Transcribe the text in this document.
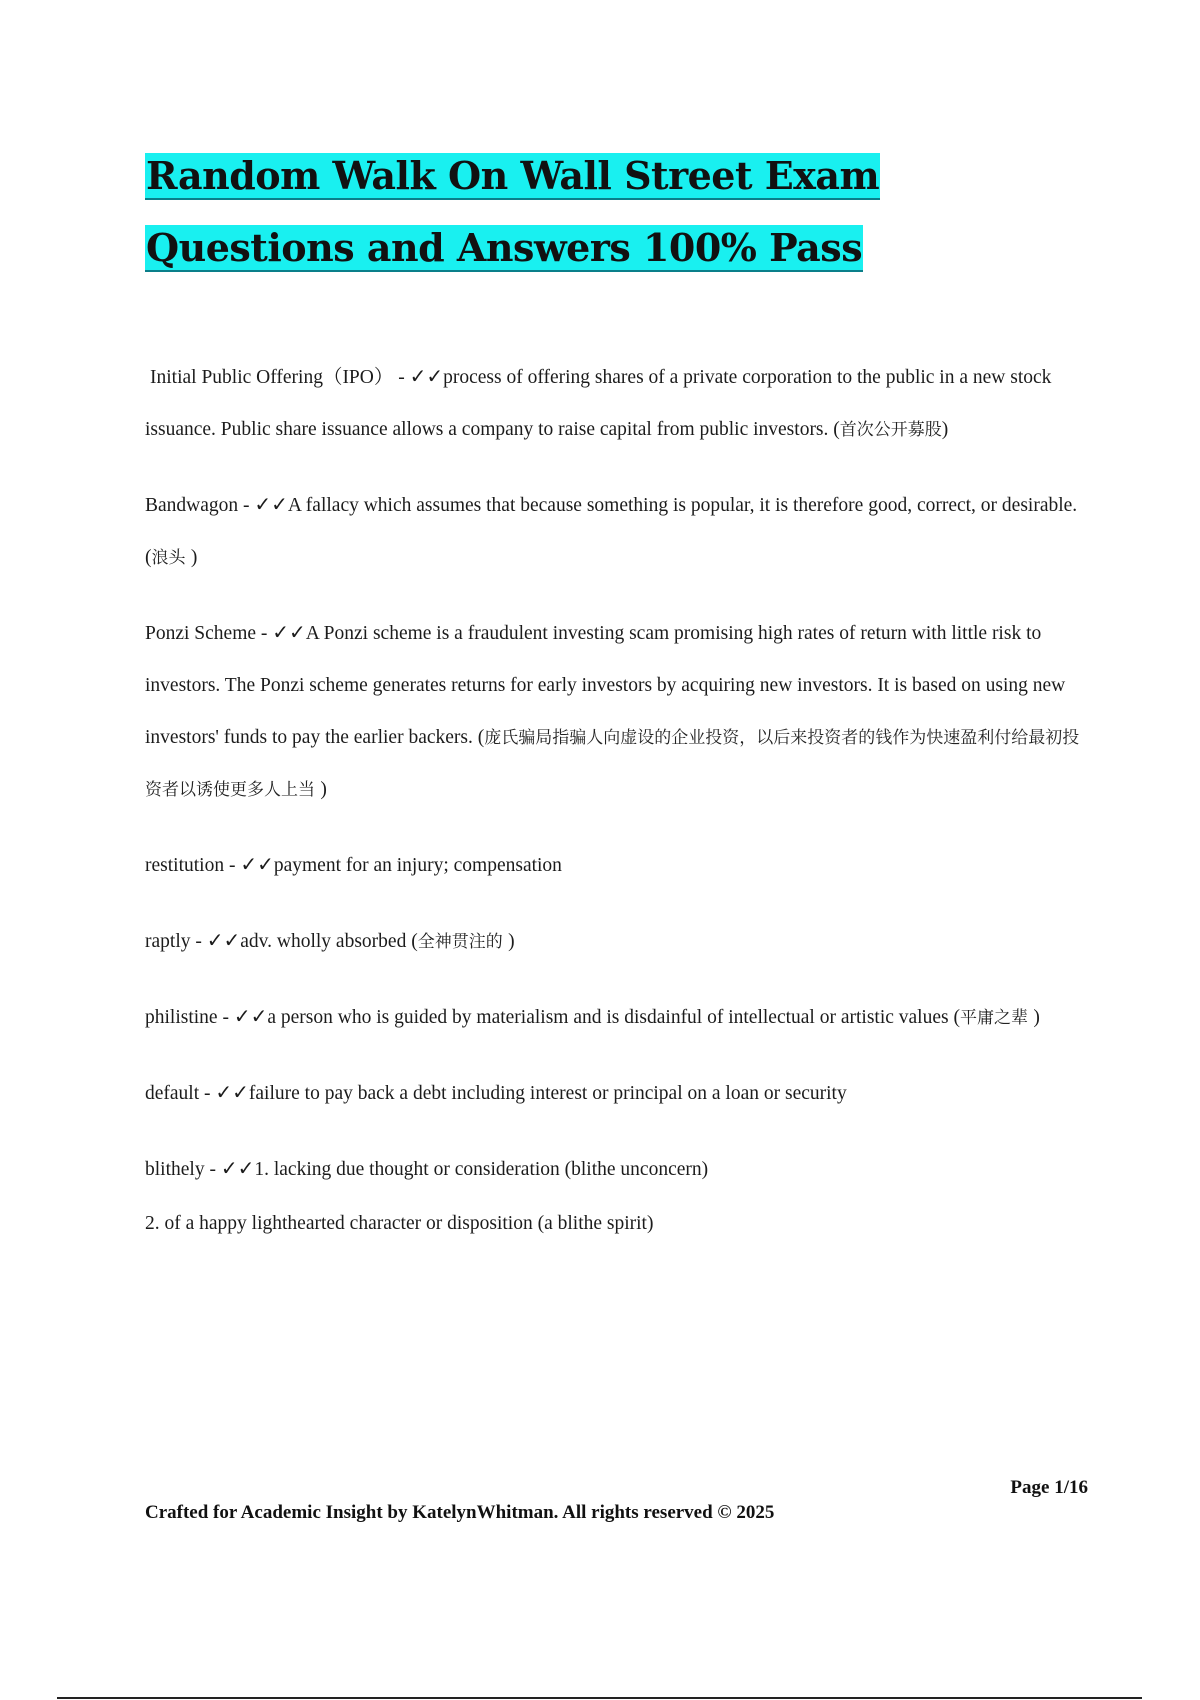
Random Walk On Wall Street Exam Questions and Answers 100% Pass

Initial Public Offering（IPO） - ✓✓process of offering shares of a private corporation to the public in a new stock issuance. Public share issuance allows a company to raise capital from public investors. (首次公开募股)

Bandwagon - ✓✓A fallacy which assumes that because something is popular, it is therefore good, correct, or desirable. (浪头 )

Ponzi Scheme - ✓✓A Ponzi scheme is a fraudulent investing scam promising high rates of return with little risk to investors. The Ponzi scheme generates returns for early investors by acquiring new investors. It is based on using new investors' funds to pay the earlier backers. (庞氏骗局指骗人向虚设的企业投资，以后来投资者的钱作为快速盈利付给最初投资者以诱使更多人上当 )

restitution - ✓✓payment for an injury; compensation

raptly - ✓✓adv. wholly absorbed (全神贯注的 )

philistine - ✓✓a person who is guided by materialism and is disdainful of intellectual or artistic values (平庸之辈 )

default - ✓✓failure to pay back a debt including interest or principal on a loan or security

blithely - ✓✓1. lacking due thought or consideration (blithe unconcern)

2. of a happy lighthearted character or disposition (a blithe spirit)

Page 1/16
Crafted for Academic Insight by KatelynWhitman. All rights reserved © 2025
